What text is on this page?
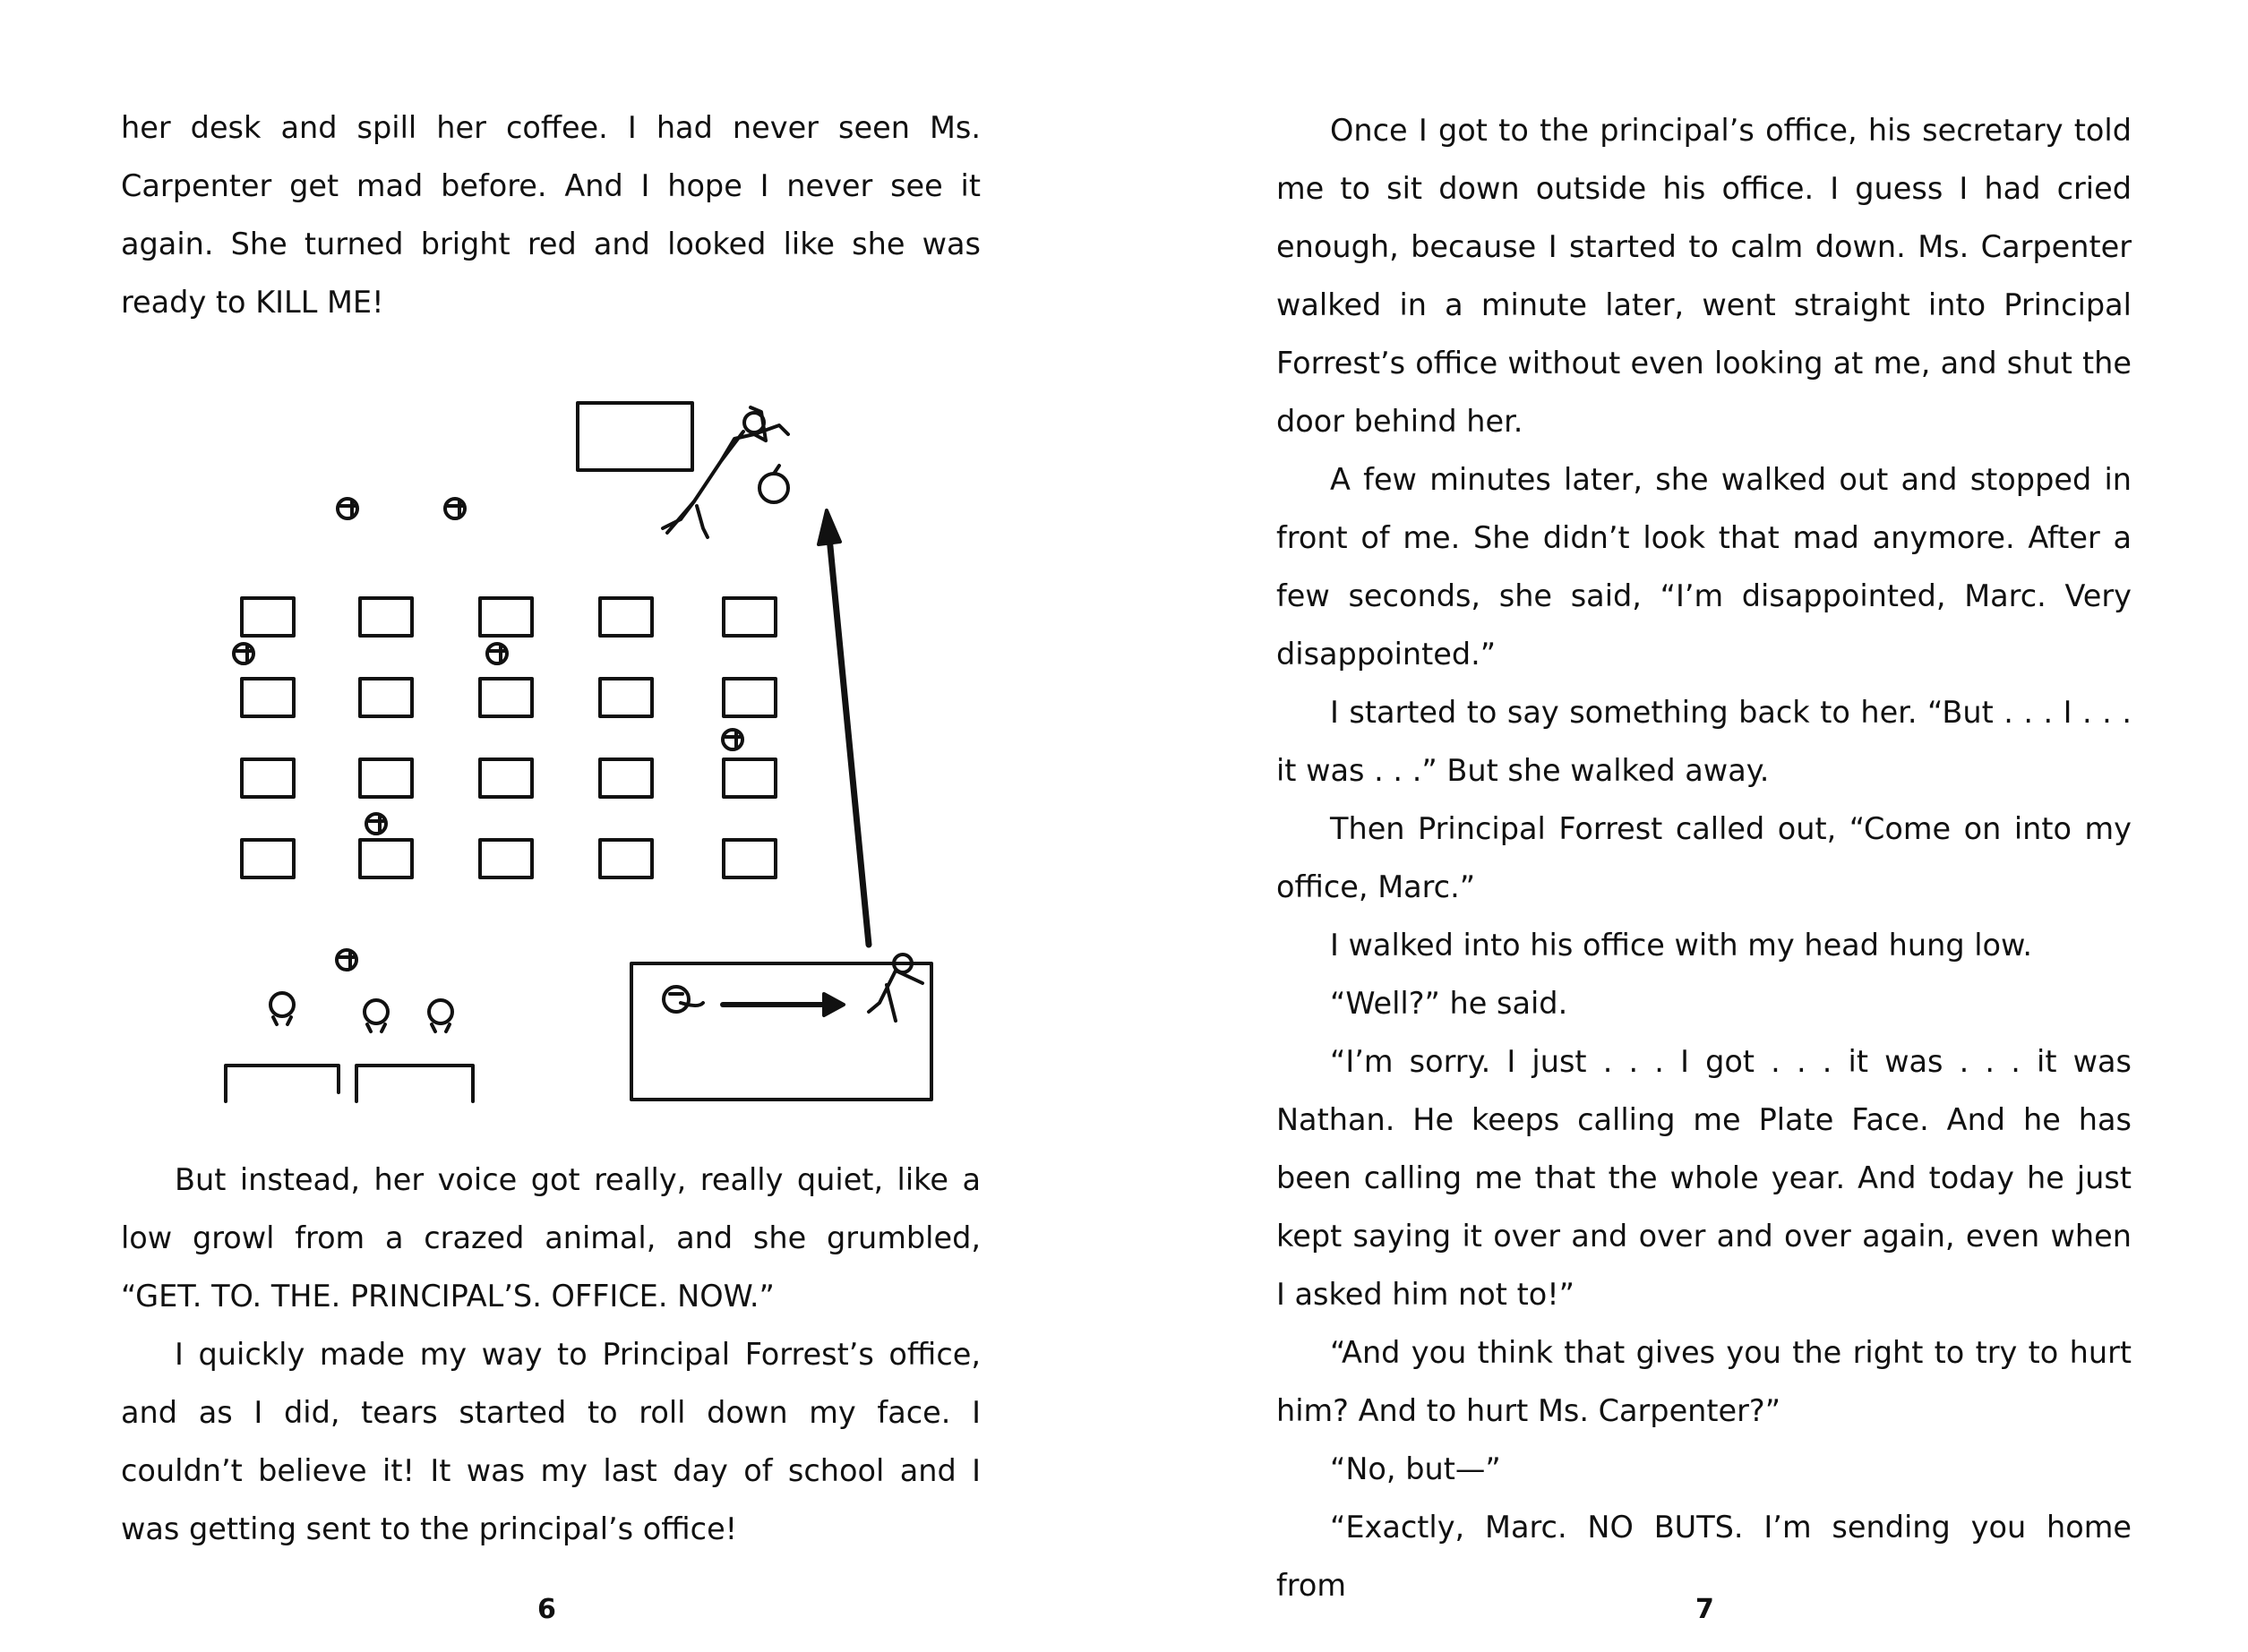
her desk and spill her coffee. I had never seen Ms. Carpenter get mad before. And I hope I never see it again. She turned bright red and looked like she was ready to KILL ME!

But instead, her voice got really, really quiet, like a low growl from a crazed animal, and she grumbled, “GET. TO. THE. PRINCIPAL’S. OFFICE. NOW.”

I quickly made my way to Principal Forrest’s office, and as I did, tears started to roll down my face. I couldn’t believe it! It was my last day of school and I was getting sent to the principal’s office!

6

Once I got to the principal’s office, his secretary told me to sit down outside his office. I guess I had cried enough, because I started to calm down. Ms. Carpenter walked in a minute later, went straight into Principal Forrest’s office without even looking at me, and shut the door behind her.

A few minutes later, she walked out and stopped in front of me. She didn’t look that mad anymore. After a few seconds, she said, “I’m disappointed, Marc. Very disappointed.”

I started to say something back to her. “But . . . I . . . it was . . .” But she walked away.

Then Principal Forrest called out, “Come on into my office, Marc.”

I walked into his office with my head hung low.

“Well?” he said.

“I’m sorry. I just . . . I got . . . it was . . . it was Nathan. He keeps calling me Plate Face. And he has been calling me that the whole year. And today he just kept saying it over and over and over again, even when I asked him not to!”

“And you think that gives you the right to try to hurt him? And to hurt Ms. Carpenter?”

“No, but—”

“Exactly, Marc. NO BUTS. I’m sending you home from

7
